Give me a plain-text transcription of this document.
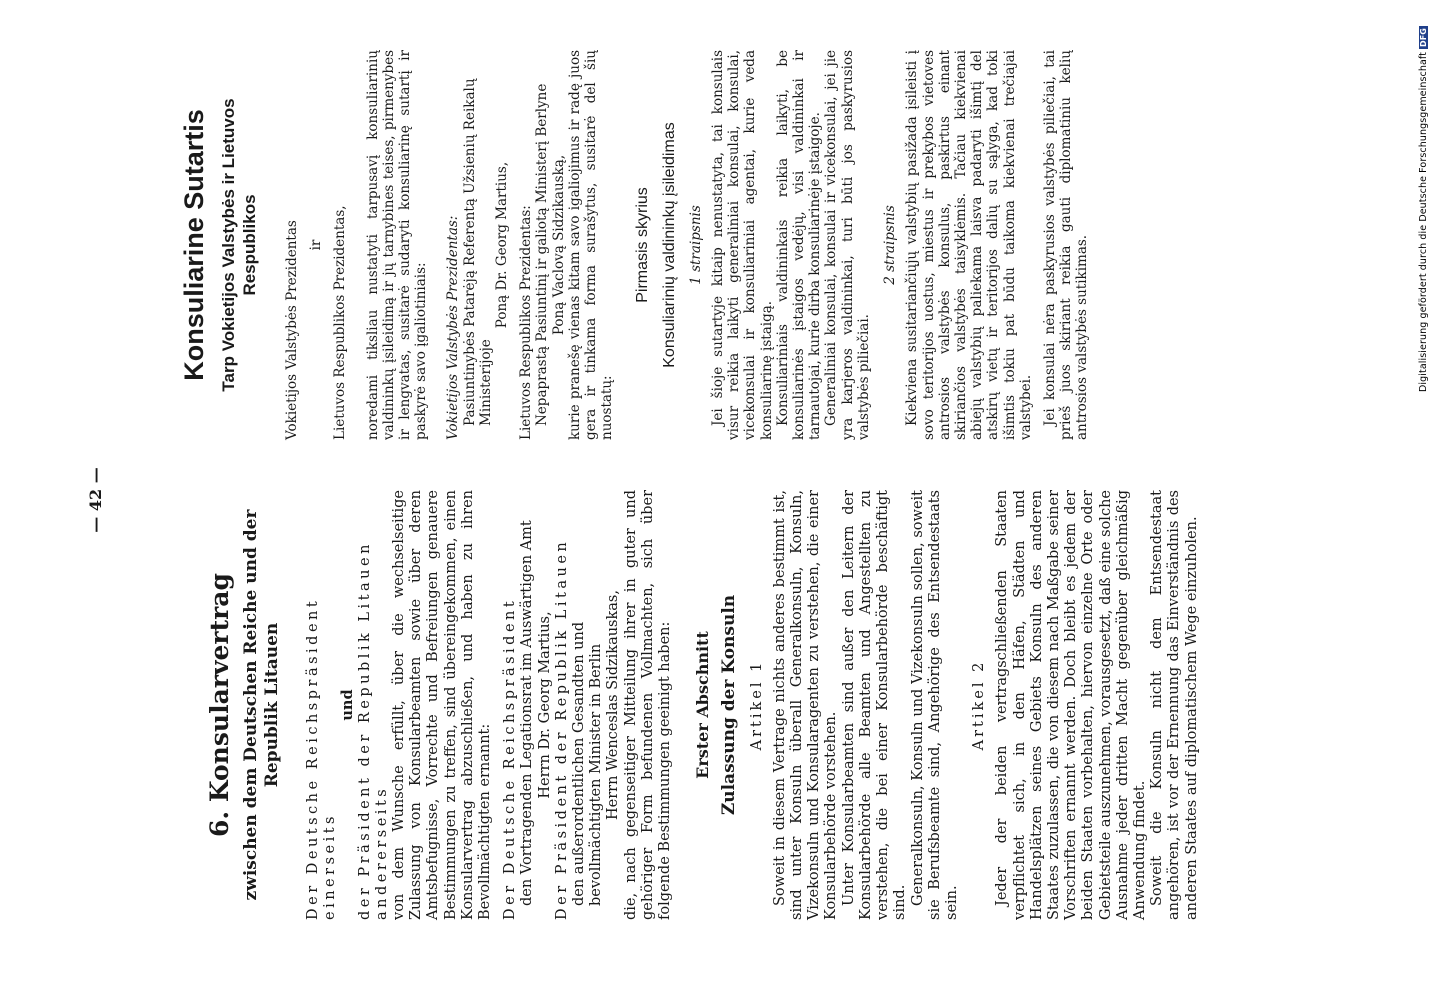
Digitalisierung gefördert durch die Deutsche ForschungsgemeinschaftDFG
— 42 —
6. Konsularvertrag zwischen dem Deutschen Reiche und der Republik Litauen Der Deutsche Reichspräsident einerseits

und der Präsident der Republik Litauen andererseits von dem Wunsche erfüllt, über die wechselseitige Zulassung von Konsularbeamten sowie über deren Amtsbefugnisse, Vorrechte und Befreiungen genauere Bestimmungen zu treffen, sind übereingekommen, einen Konsularvertrag abzuschließen, und haben zu ihren Bevollmächtigten ernannt: Der Deutsche Reichspräsident den Vortragenden Legationsrat im Auswärtigen Amt Herrn Dr. Georg Martius, Der Präsident der Republik Litauen den außerordentlichen Gesandten und bevollmächtigten Minister in Berlin Herrn Wenceslas Sidzikauskas, die, nach gegenseitiger Mitteilung ihrer in guter und gehöriger Form befundenen Vollmachten, sich über folgende Bestimmungen geeinigt haben: Erster Abschnitt Zulassung der Konsuln Artikel 1 Soweit in diesem Vertrage nichts anderes bestimmt ist, sind unter Konsuln überall Generalkonsuln, Konsuln, Vizekonsuln und Konsularagenten zu verstehen, die einer Konsularbehörde vorstehen. Unter Konsularbeamten sind außer den Leitern der Konsularbehörde alle Beamten und Angestellten zu verstehen, die bei einer Konsularbehörde beschäftigt sind. Generalkonsuln, Konsuln und Vizekonsuln sollen, soweit sie Berufsbeamte sind, Angehörige des Entsendestaats sein.

Artikel 2 Jeder der beiden vertragschließenden Staaten verpflichtet sich, in den Häfen, Städten und Handelsplätzen seines Gebiets Konsuln des anderen Staates zuzulassen, die von diesem nach Maßgabe seiner Vorschriften ernannt werden. Doch bleibt es jedem der beiden Staaten vorbehalten, hiervon einzelne Orte oder Gebietsteile auszunehmen, vorausgesetzt, daß eine solche Ausnahme jeder dritten Macht gegenüber gleichmäßig Anwendung findet. Soweit die Konsuln nicht dem Entsendestaat angehören, ist vor der Ernennung das Einverständnis des anderen Staates auf diplomatischem Wege einzuholen.

Konsuliarine Sutartis Tarp Vokietijos Valstybės ir Lietuvos Respublikos Vokietijos Valstybės Prezidentas ir Lietuvos Respublikos Prezidentas, noredami tiksliau nustatyti tarpusavį konsuliarinių valdininkų įsileidimą ir jų tarnybines teises, pirmenybes ir lengvatas, susitarė sudaryti konsuliarinę sutartį ir paskyrė savo įgaliotiniais: Vokietijos Valstybės Prezidentas: Pasiuntinybės Patarėją Referentą Užsienių Reikalų Ministerijoje

Poną Dr. Georg Martius, Lietuvos Respublikos Prezidentas: Nepaprastą Pasiuntinį ir galiotą Ministerį Berlyne Poną Vaclovą Sidzikauską, kurie pranešę vienas kitam savo igaliojimus ir radę juos gera ir tinkama forma surašytus, susitarė del šių nuostatų:

Pirmasis skyrius Konsuliarinių valdininkų įsileidimas 1 straipsnis Jei šioje sutartyje kitaip nenustatyta, tai konsulais visur reikia laikyti generaliniai konsulai, konsulai, vicekonsulai ir konsuliariniai agentai, kurie veda konsuliarinę įstaigą. Konsuliariniais valdininkais reikia laikyti, be konsuliarinės įstaigos vedėjų, visi valdininkai ir tarnautojai, kurie dirba konsuliarinėje įstaigoje. Generaliniai konsulai, konsulai ir vicekonsulai, jei jie yra karjeros valdininkai, turi būti jos paskyrusios valstybės piliečiai.

2 straipsnis Kiekviena susitariančiųjų valstybių pasižada įsileisti į sovo teritorijos uostus, miestus ir prekybos vietoves antrosios valstybės konsulus, paskirtus einant skiriančios valstybės taisyklėmis. Tačiau kiekvienai abiejų valstybių paliekama laisva padaryti išimtį del atskirų vietų ir teritorijos dalių su sąlyga, kad toki išimtis tokiu pat būdu taikoma kiekvienai trečiajai valstybei. Jei konsulai nėra paskyrusios valstybės piliečiai, tai prieš juos skiriant reikia gauti diplomatiniu kelių antrosios valstybės sutikimas.
